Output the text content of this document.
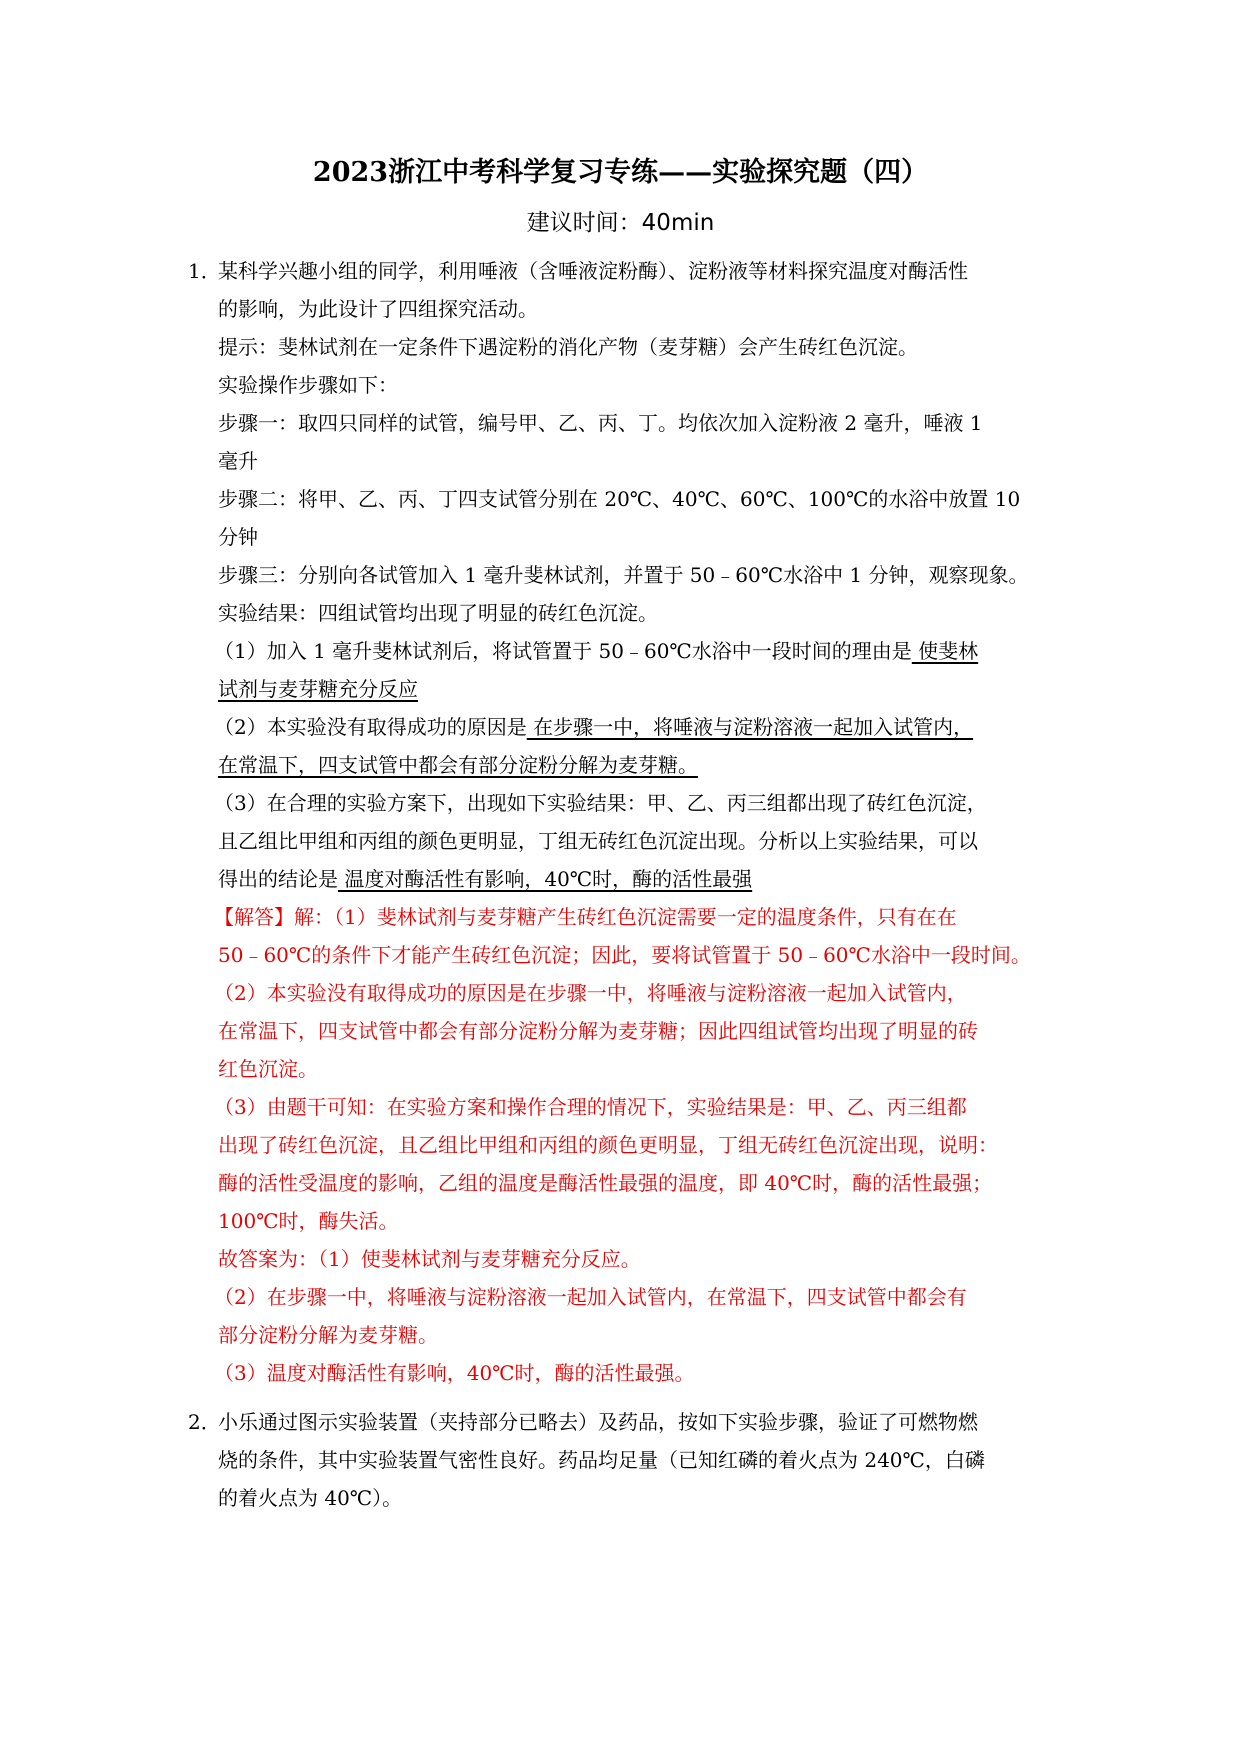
2023浙江中考科学复习专练——实验探究题（四）
建议时间：40min
1．
某科学兴趣小组的同学，利用唾液（含唾液淀粉酶）、淀粉液等材料探究温度对酶活性
的影响，为此设计了四组探究活动。
提示：斐林试剂在一定条件下遇淀粉的消化产物（麦芽糖）会产生砖红色沉淀。
实验操作步骤如下：
步骤一：取四只同样的试管，编号甲、乙、丙、丁。均依次加入淀粉液 2 毫升，唾液 1
毫升
步骤二：将甲、乙、丙、丁四支试管分别在 20℃、40℃、60℃、100℃的水浴中放置 10
分钟
步骤三：分别向各试管加入 1 毫升斐林试剂，并置于 50﹣60℃水浴中 1 分钟，观察现象。
实验结果：四组试管均出现了明显的砖红色沉淀。
（1）加入 1 毫升斐林试剂后，将试管置于 50﹣60℃水浴中一段时间的理由是 使斐林
试剂与麦芽糖充分反应
（2）本实验没有取得成功的原因是 在步骤一中，将唾液与淀粉溶液一起加入试管内，
在常温下，四支试管中都会有部分淀粉分解为麦芽糖。
（3）在合理的实验方案下，出现如下实验结果：甲、乙、丙三组都出现了砖红色沉淀，
且乙组比甲组和丙组的颜色更明显，丁组无砖红色沉淀出现。分析以上实验结果，可以
得出的结论是 温度对酶活性有影响，40℃时，酶的活性最强
【解答】解：（1）斐林试剂与麦芽糖产生砖红色沉淀需要一定的温度条件，只有在在
50﹣60℃的条件下才能产生砖红色沉淀；因此，要将试管置于 50﹣60℃水浴中一段时间。
（2）本实验没有取得成功的原因是在步骤一中，将唾液与淀粉溶液一起加入试管内，
在常温下，四支试管中都会有部分淀粉分解为麦芽糖；因此四组试管均出现了明显的砖
红色沉淀。
（3）由题干可知：在实验方案和操作合理的情况下，实验结果是：甲、乙、丙三组都
出现了砖红色沉淀，且乙组比甲组和丙组的颜色更明显，丁组无砖红色沉淀出现，说明：
酶的活性受温度的影响，乙组的温度是酶活性最强的温度，即 40℃时，酶的活性最强；
100℃时，酶失活。
故答案为：（1）使斐林试剂与麦芽糖充分反应。
（2）在步骤一中，将唾液与淀粉溶液一起加入试管内，在常温下，四支试管中都会有
部分淀粉分解为麦芽糖。
（3）温度对酶活性有影响，40℃时，酶的活性最强。
2．
小乐通过图示实验装置（夹持部分已略去）及药品，按如下实验步骤，验证了可燃物燃
烧的条件，其中实验装置气密性良好。药品均足量（已知红磷的着火点为 240℃，白磷
的着火点为 40℃）。
